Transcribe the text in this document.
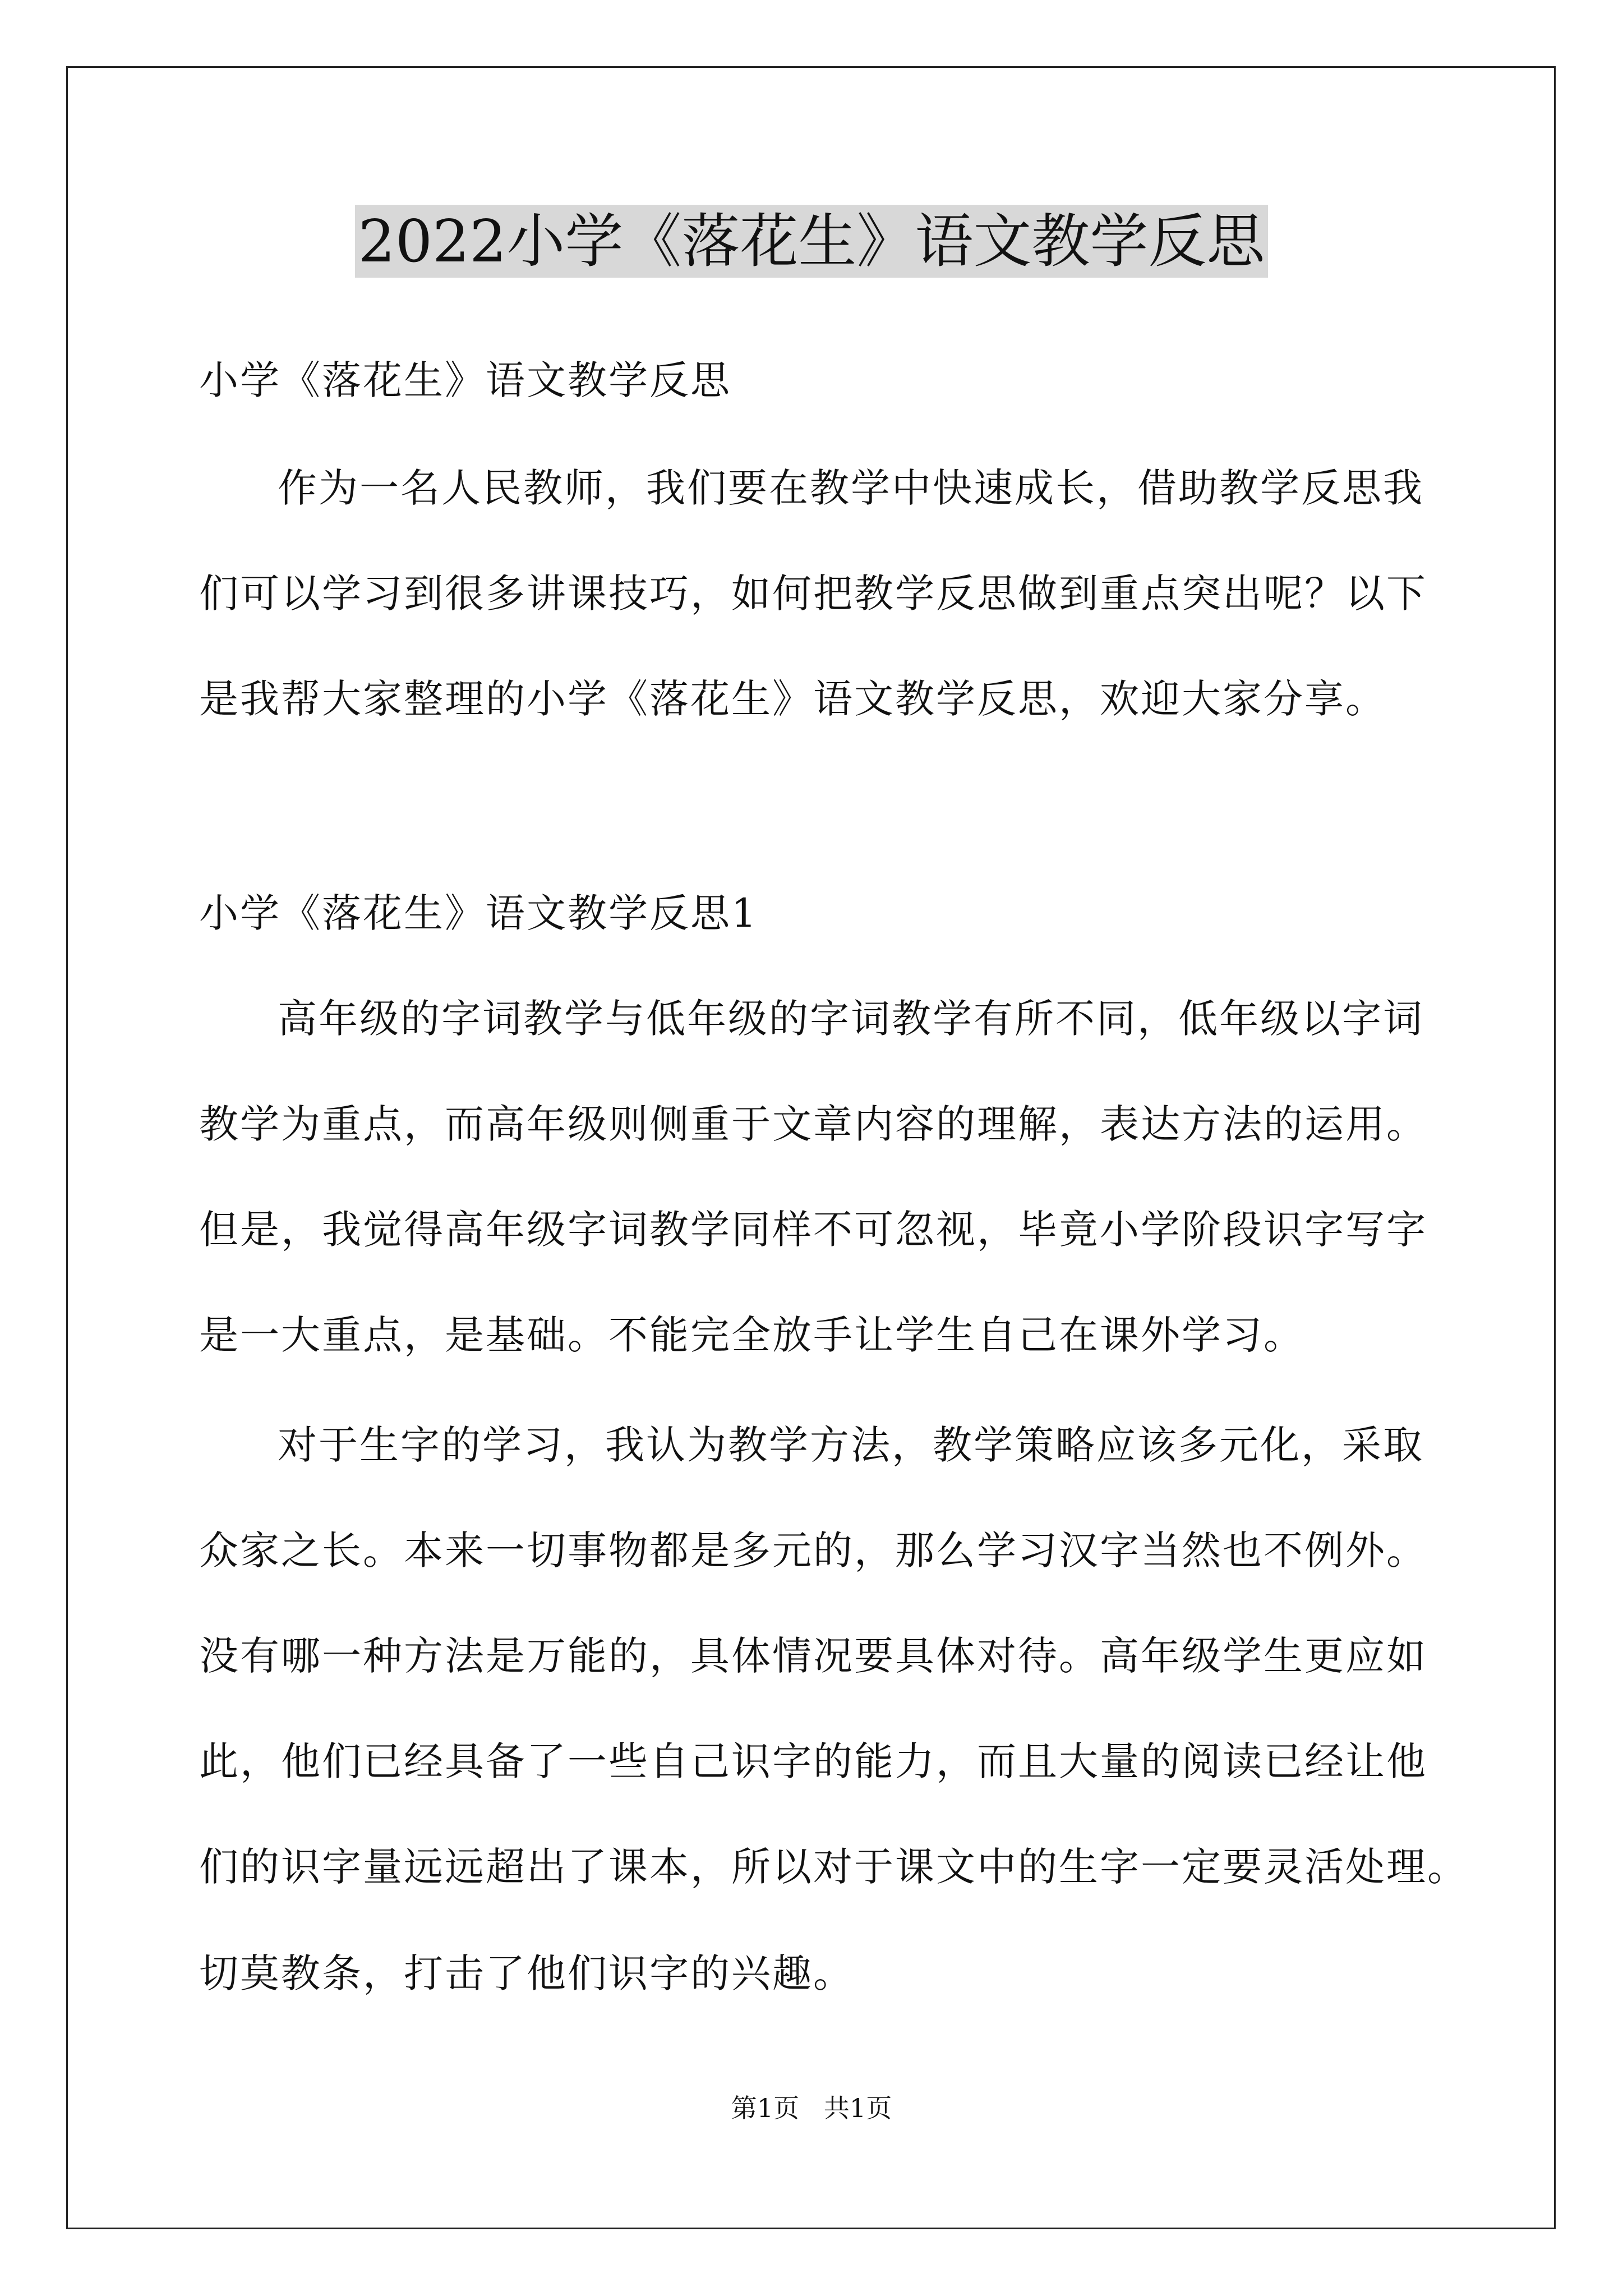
2022小学《落花生》语文教学反思
小学《落花生》语文教学反思
作为一名人民教师，我们要在教学中快速成长，借助教学反思我
们可以学习到很多讲课技巧，如何把教学反思做到重点突出呢？以下
是我帮大家整理的小学《落花生》语文教学反思，欢迎大家分享。
小学《落花生》语文教学反思1
高年级的字词教学与低年级的字词教学有所不同，低年级以字词
教学为重点，而高年级则侧重于文章内容的理解，表达方法的运用。
但是，我觉得高年级字词教学同样不可忽视，毕竟小学阶段识字写字
是一大重点，是基础。不能完全放手让学生自己在课外学习。
对于生字的学习，我认为教学方法，教学策略应该多元化，采取
众家之长。本来一切事物都是多元的，那么学习汉字当然也不例外。
没有哪一种方法是万能的，具体情况要具体对待。高年级学生更应如
此，他们已经具备了一些自己识字的能力，而且大量的阅读已经让他
们的识字量远远超出了课本，所以对于课文中的生字一定要灵活处理。
切莫教条，打击了他们识字的兴趣。
第1页   共1页
